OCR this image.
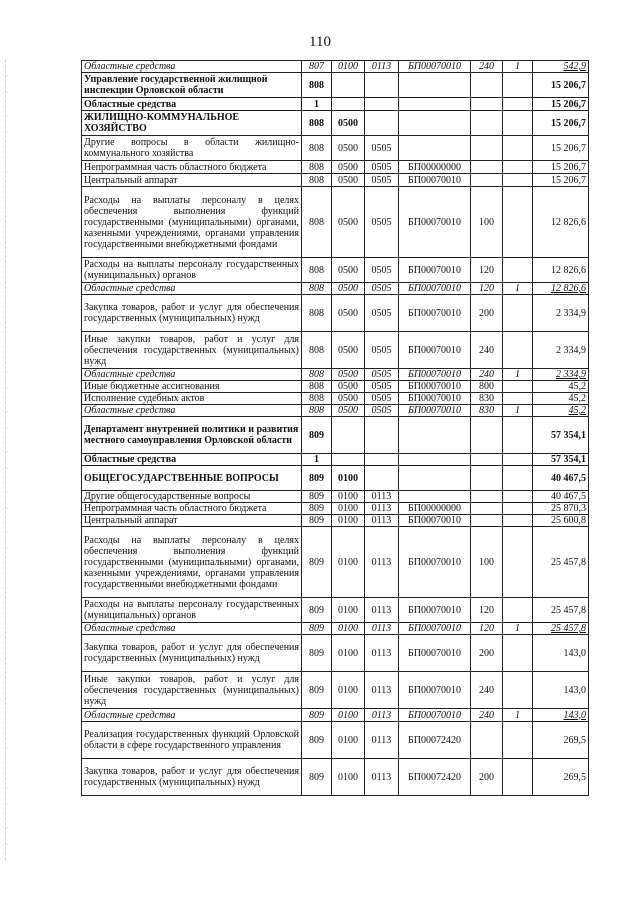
110
Областные средства	807	0100	0113	БП00070010	240	1	542,9
Управление государственной жилищной инспекции Орловской области	808						15 206,7
Областные средства	1						15 206,7
ЖИЛИЩНО-КОММУНАЛЬНОЕ ХОЗЯЙСТВО	808	0500					15 206,7
Другие вопросы в области жилищно-коммунального хозяйства	808	0500	0505				15 206,7
Непрограммная часть областного бюджета	808	0500	0505	БП00000000			15 206,7
Центральный аппарат	808	0500	0505	БП00070010			15 206,7
Расходы на выплаты персоналу в целях обеспечения выполнения функций государственными (муниципальными) органами, казенными учреждениями, органами управления государственными внебюджетными фондами	808	0500	0505	БП00070010	100		12 826,6
Расходы на выплаты персоналу государственных (муниципальных) органов	808	0500	0505	БП00070010	120		12 826,6
Областные средства	808	0500	0505	БП00070010	120	1	12 826,6
Закупка товаров, работ и услуг для обеспечения государственных (муниципальных) нужд	808	0500	0505	БП00070010	200		2 334,9
Иные закупки товаров, работ и услуг для обеспечения государственных (муниципальных) нужд	808	0500	0505	БП00070010	240		2 334,9
Областные средства	808	0500	0505	БП00070010	240	1	2 334,9
Иные бюджетные ассигнования	808	0500	0505	БП00070010	800		45,2
Исполнение судебных актов	808	0500	0505	БП00070010	830		45,2
Областные средства	808	0500	0505	БП00070010	830	1	45,2
Департамент внутренней политики и развития местного самоуправления Орловской области	809						57 354,1
Областные средства	1						57 354,1
ОБЩЕГОСУДАРСТВЕННЫЕ ВОПРОСЫ	809	0100					40 467,5
Другие общегосударственные вопросы	809	0100	0113				40 467,5
Непрограммная часть областного бюджета	809	0100	0113	БП00000000			25 870,3
Центральный аппарат	809	0100	0113	БП00070010			25 600,8
Расходы на выплаты персоналу в целях обеспечения выполнения функций государственными (муниципальными) органами, казенными учреждениями, органами управления государственными внебюджетными фондами	809	0100	0113	БП00070010	100		25 457,8
Расходы на выплаты персоналу государственных (муниципальных) органов	809	0100	0113	БП00070010	120		25 457,8
Областные средства	809	0100	0113	БП00070010	120	1	25 457,8
Закупка товаров, работ и услуг для обеспечения государственных (муниципальных) нужд	809	0100	0113	БП00070010	200		143,0
Иные закупки товаров, работ и услуг для обеспечения государственных (муниципальных) нужд	809	0100	0113	БП00070010	240		143,0
Областные средства	809	0100	0113	БП00070010	240	1	143,0
Реализация государственных функций Орловской области в сфере государственного управления	809	0100	0113	БП00072420			269,5
Закупка товаров, работ и услуг для обеспечения государственных (муниципальных) нужд	809	0100	0113	БП00072420	200		269,5
